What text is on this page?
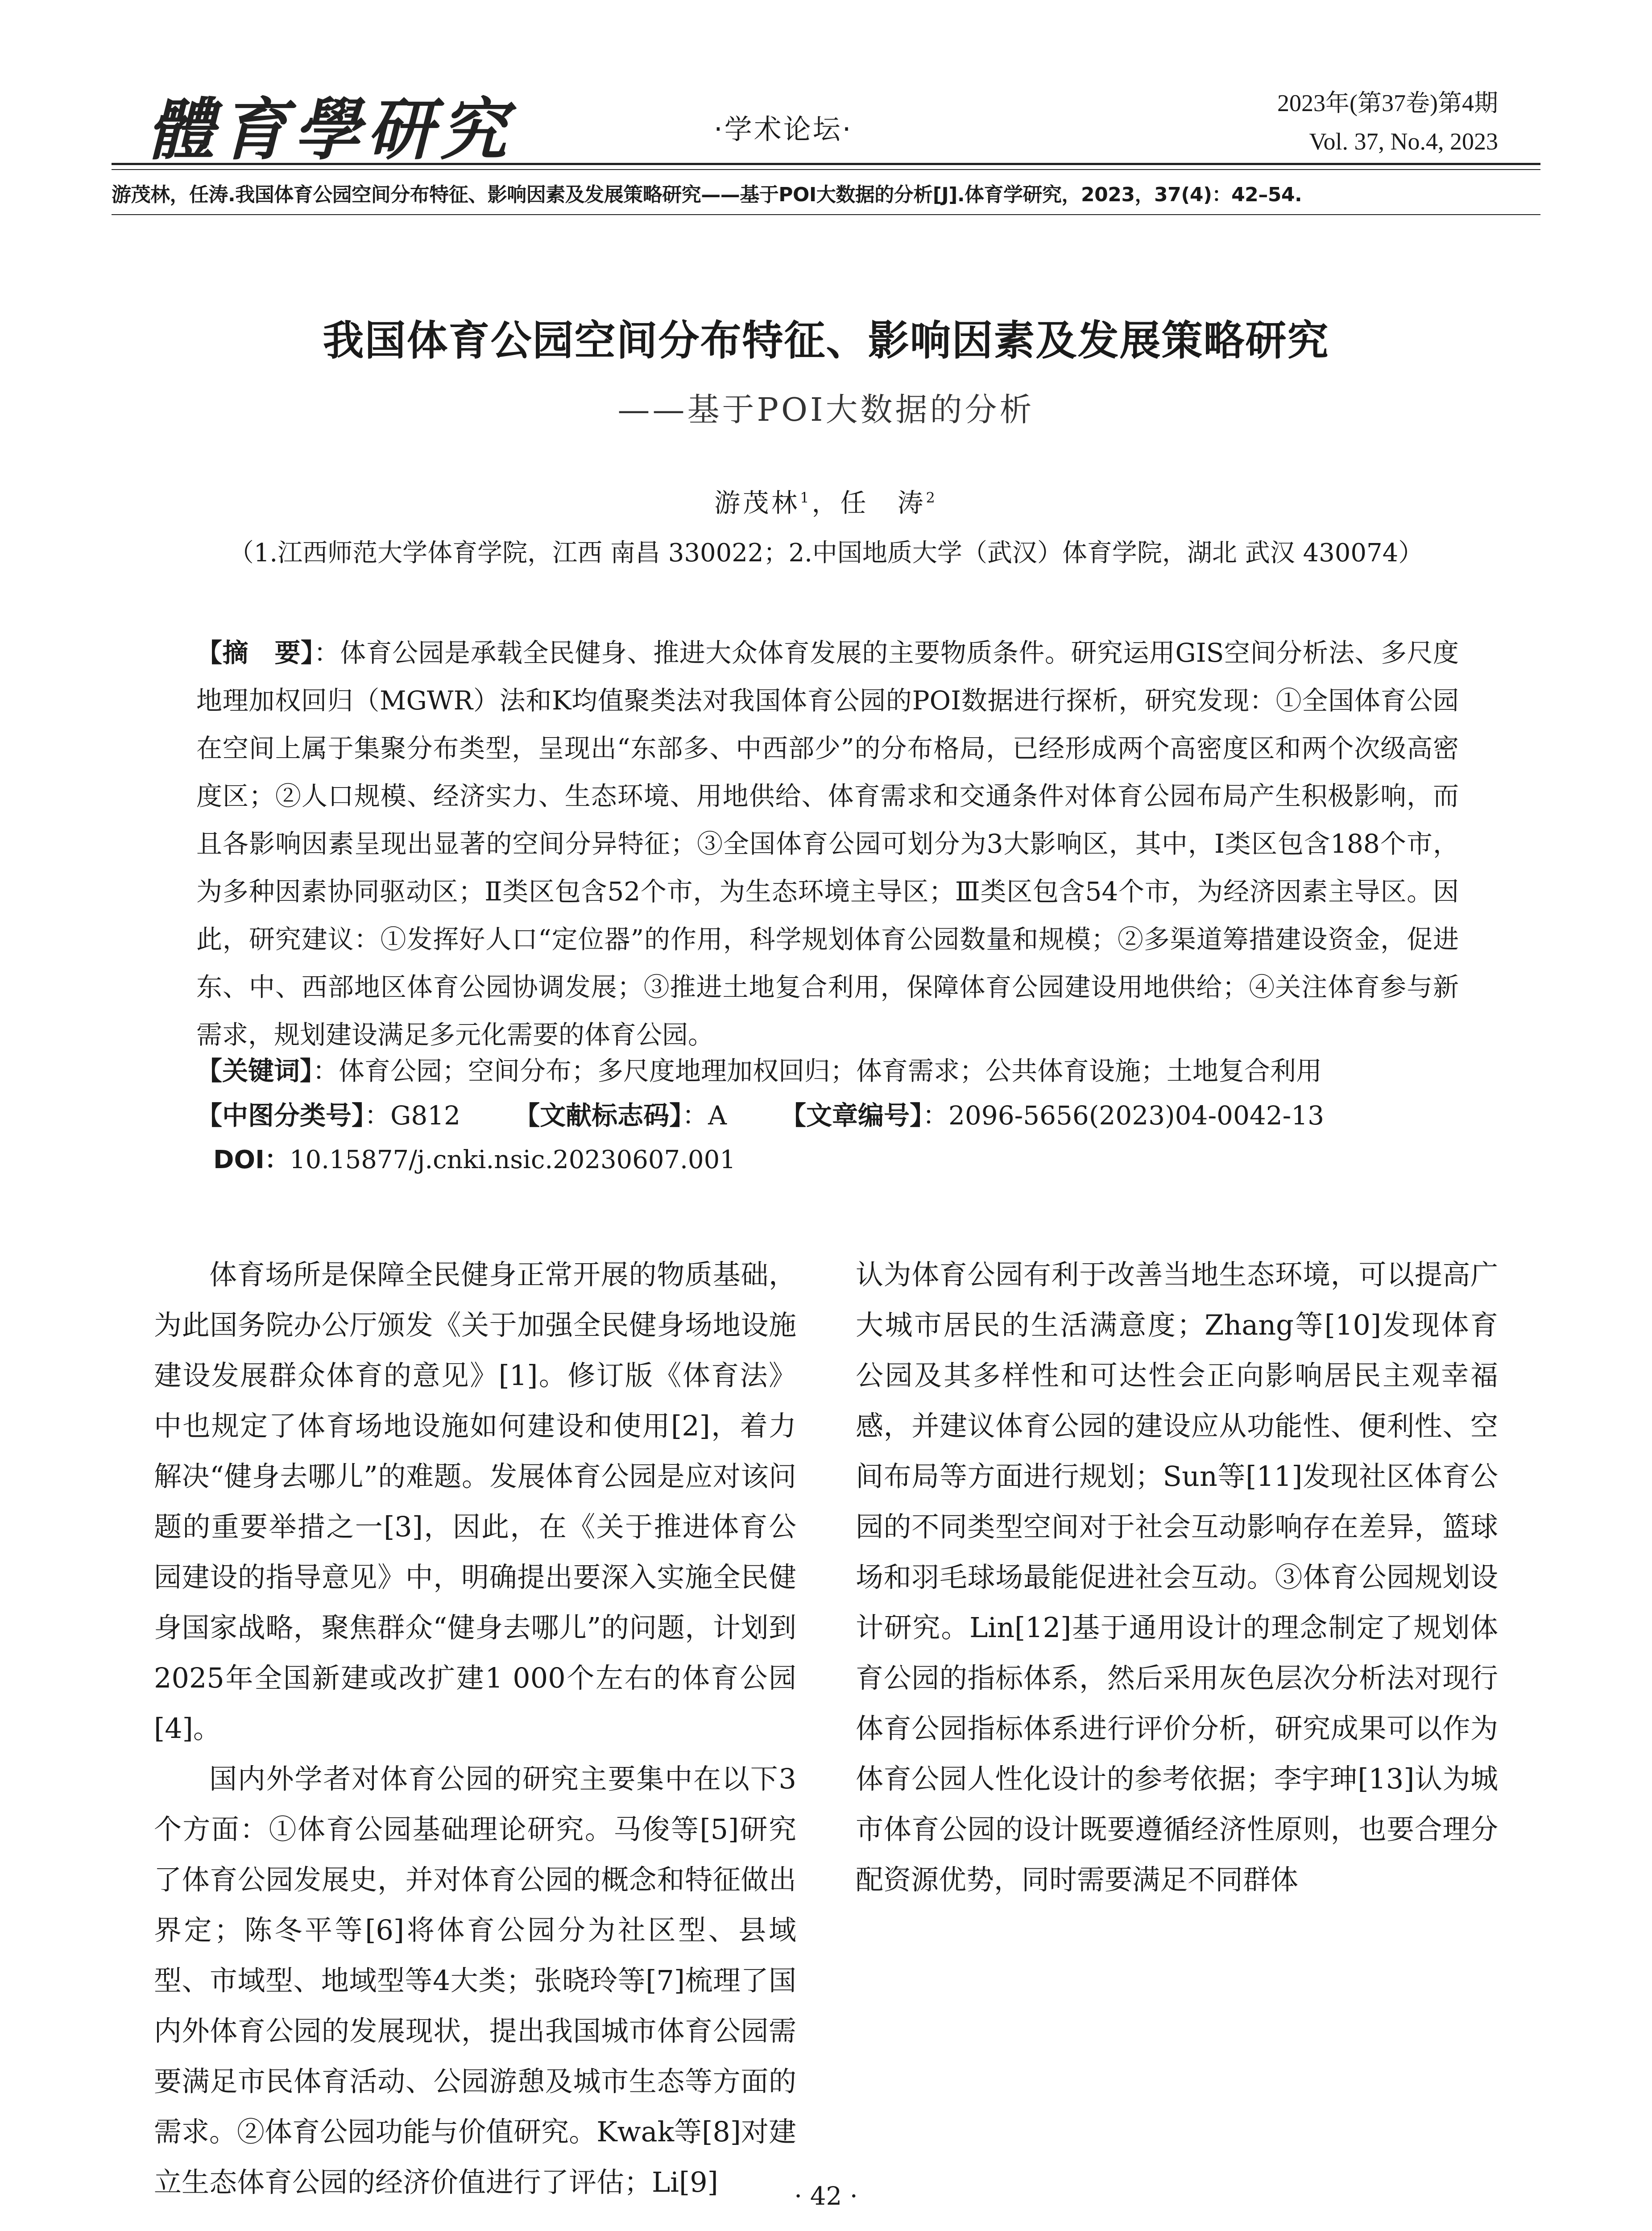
體育學研究	·学术论坛·
2023年(第37卷)第4期
Vol. 37, No.4, 2023
游茂林，任涛.我国体育公园空间分布特征、影响因素及发展策略研究——基于POI大数据的分析[J].体育学研究，2023，37(4)：42–54.
我国体育公园空间分布特征、影响因素及发展策略研究
——基于POI大数据的分析
游茂林$^1$，任　涛$^2$
（1.江西师范大学体育学院，江西 南昌 330022；2.中国地质大学（武汉）体育学院，湖北 武汉 430074）
【摘　要】：体育公园是承载全民健身、推进大众体育发展的主要物质条件。研究运用GIS空间分析法、多尺度地理加权回归（MGWR）法和K均值聚类法对我国体育公园的POI数据进行探析，研究发现：①全国体育公园在空间上属于集聚分布类型，呈现出“东部多、中西部少”的分布格局，已经形成两个高密度区和两个次级高密度区；②人口规模、经济实力、生态环境、用地供给、体育需求和交通条件对体育公园布局产生积极影响，而且各影响因素呈现出显著的空间分异特征；③全国体育公园可划分为3大影响区，其中，Ⅰ类区包含188个市，为多种因素协同驱动区；Ⅱ类区包含52个市，为生态环境主导区；Ⅲ类区包含54个市，为经济因素主导区。因此，研究建议：①发挥好人口“定位器”的作用，科学规划体育公园数量和规模；②多渠道筹措建设资金，促进东、中、西部地区体育公园协调发展；③推进土地复合利用，保障体育公园建设用地供给；④关注体育参与新需求，规划建设满足多元化需要的体育公园。
【关键词】：体育公园；空间分布；多尺度地理加权回归；体育需求；公共体育设施；土地复合利用
【中图分类号】：G812 【文献标志码】：A 【文章编号】：2096-5656(2023)04-0042-13
DOI：10.15877/j.cnki.nsic.20230607.001

体育场所是保障全民健身正常开展的物质基础，为此国务院办公厅颁发《关于加强全民健身场地设施建设发展群众体育的意见》[1]。修订版《体育法》中也规定了体育场地设施如何建设和使用[2]，着力解决“健身去哪儿”的难题。发展体育公园是应对该问题的重要举措之一[3]，因此，在《关于推进体育公园建设的指导意见》中，明确提出要深入实施全民健身国家战略，聚焦群众“健身去哪儿”的问题，计划到2025年全国新建或改扩建1 000个左右的体育公园[4]。

国内外学者对体育公园的研究主要集中在以下3个方面：①体育公园基础理论研究。马俊等[5]研究了体育公园发展史，并对体育公园的概念和特征做出界定；陈冬平等[6]将体育公园分为社区型、县域型、市域型、地域型等4大类；张晓玲等[7]梳理了国内外体育公园的发展现状，提出我国城市体育公园需要满足市民体育活动、公园游憩及城市生态等方面的需求。②体育公园功能与价值研究。Kwak等[8]对建立生态体育公园的经济价值进行了评估；Li[9]

认为体育公园有利于改善当地生态环境，可以提高广大城市居民的生活满意度；Zhang等[10]发现体育公园及其多样性和可达性会正向影响居民主观幸福感，并建议体育公园的建设应从功能性、便利性、空间布局等方面进行规划；Sun等[11]发现社区体育公园的不同类型空间对于社会互动影响存在差异，篮球场和羽毛球场最能促进社会互动。③体育公园规划设计研究。Lin[12]基于通用设计的理念制定了规划体育公园的指标体系，然后采用灰色层次分析法对现行体育公园指标体系进行评价分析，研究成果可以作为体育公园人性化设计的参考依据；李宇珅[13]认为城市体育公园的设计既要遵循经济性原则，也要合理分配资源优势，同时需要满足不同群体

· 42 ·
